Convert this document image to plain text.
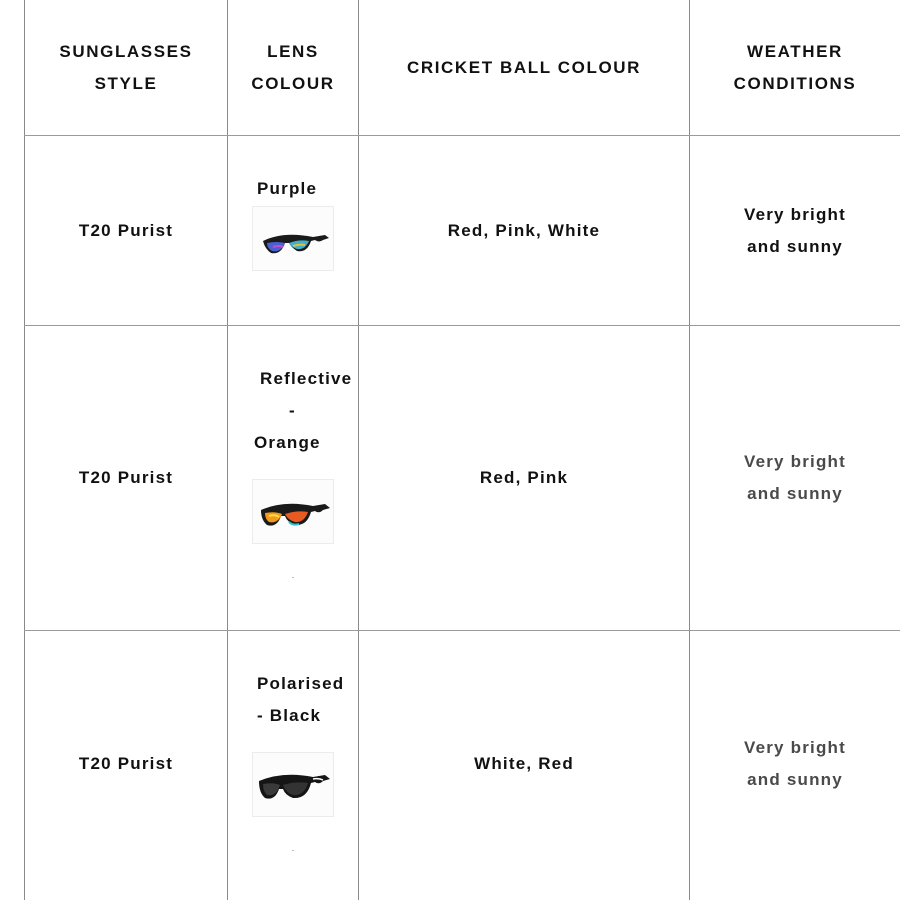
SUNGLASSES
STYLE
LENS
COLOUR
CRICKET BALL COLOUR
WEATHER
CONDITIONS
T20 Purist
Purple
Red, Pink, White
Very bright
and sunny
T20 Purist
Reflective
-
Orange
Red, Pink
Very bright
and sunny
T20 Purist
Polarised
- Black
White, Red
Very bright
and sunny
